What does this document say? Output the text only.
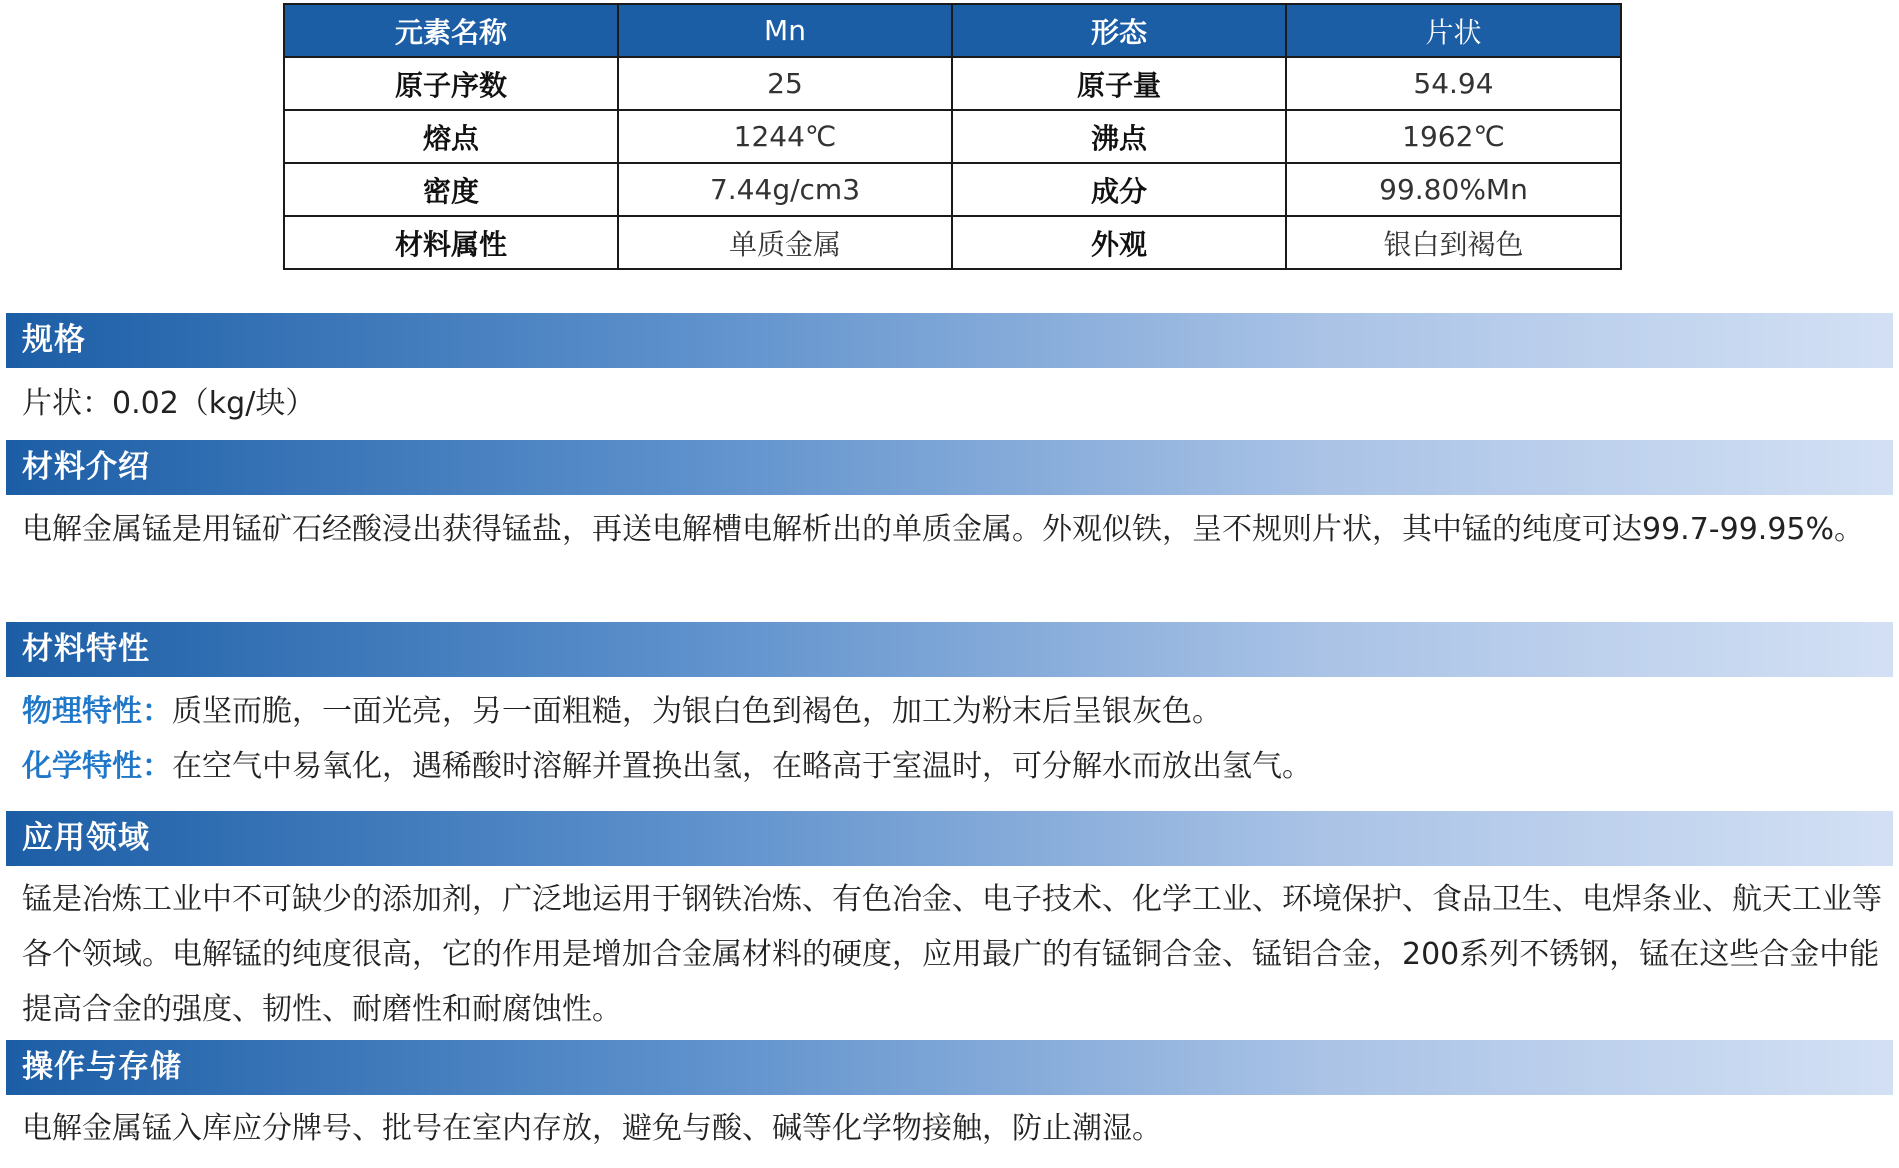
元素名称	Mn	形态	片状
原子序数	25	原子量	54.94
熔点	1244℃	沸点	1962℃
密度	7.44g/cm3	成分	99.80%Mn
材料属性	单质金属	外观	银白到褐色
规格

片状：0.02（kg/块）

材料介绍

电解金属锰是用锰矿石经酸浸出获得锰盐，再送电解槽电解析出的单质金属。外观似铁，呈不规则片状，其中锰的纯度可达99.7-99.95%。

材料特性

物理特性：质坚而脆，一面光亮，另一面粗糙，为银白色到褐色，加工为粉末后呈银灰色。

化学特性：在空气中易氧化，遇稀酸时溶解并置换出氢，在略高于室温时，可分解水而放出氢气。

应用领域

锰是冶炼工业中不可缺少的添加剂，广泛地运用于钢铁冶炼、有色冶金、电子技术、化学工业、环境保护、食品卫生、电焊条业、航天工业等各个领域。电解锰的纯度很高，它的作用是增加合金属材料的硬度，应用最广的有锰铜合金、锰铝合金，200系列不锈钢，锰在这些合金中能提高合金的强度、韧性、耐磨性和耐腐蚀性。

操作与存储

电解金属锰入库应分牌号、批号在室内存放，避免与酸、碱等化学物接触，防止潮湿。
